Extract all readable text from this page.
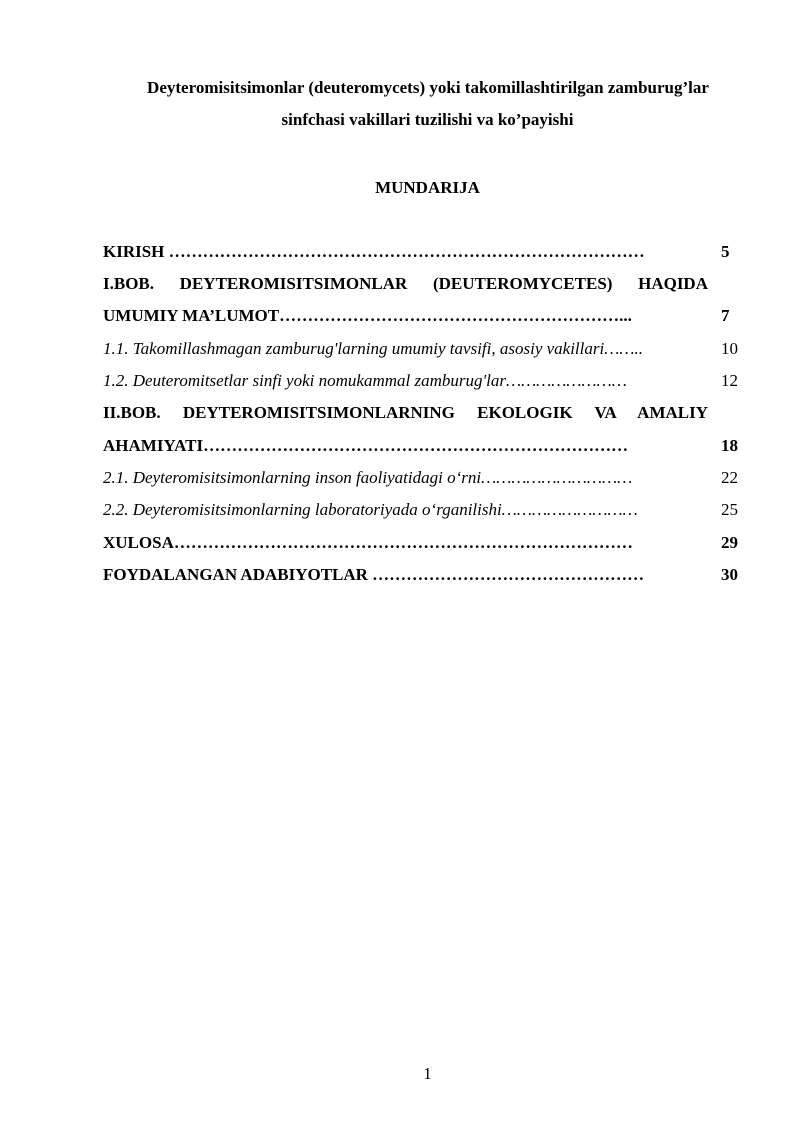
Deyteromisitsimonlar (deuteromycets) yoki takomillashtirilgan zamburug’lar
sinfchasi vakillari tuzilishi va ko’payishi
MUNDARIJA
KIRISH …………………………………………………………………………	5
I.BOB. DEYTEROMISITSIMONLAR (DEUTEROMYCETES) HAQIDA
UMUMIY MA’LUMOT……………………………………………………...	7
1.1. Takomillashmagan zamburug'larning umumiy tavsifi, asosiy vakillari……..	10
1.2. Deuteromitsetlar sinfi yoki nomukammal zamburug'lar……………………	12
II.BOB. DEYTEROMISITSIMONLARNING EKOLOGIK VA AMALIY
AHAMIYATI…………………………………………………………………	18
2.1. Deyteromisitsimonlarning inson faoliyatidagi o‘rni…………………………	22
2.2. Deyteromisitsimonlarning laboratoriyada o‘rganilishi………………………	25
XULOSA………………………………………………………………………	29
FOYDALANGAN ADABIYOTLAR …………………………………………	30
1
